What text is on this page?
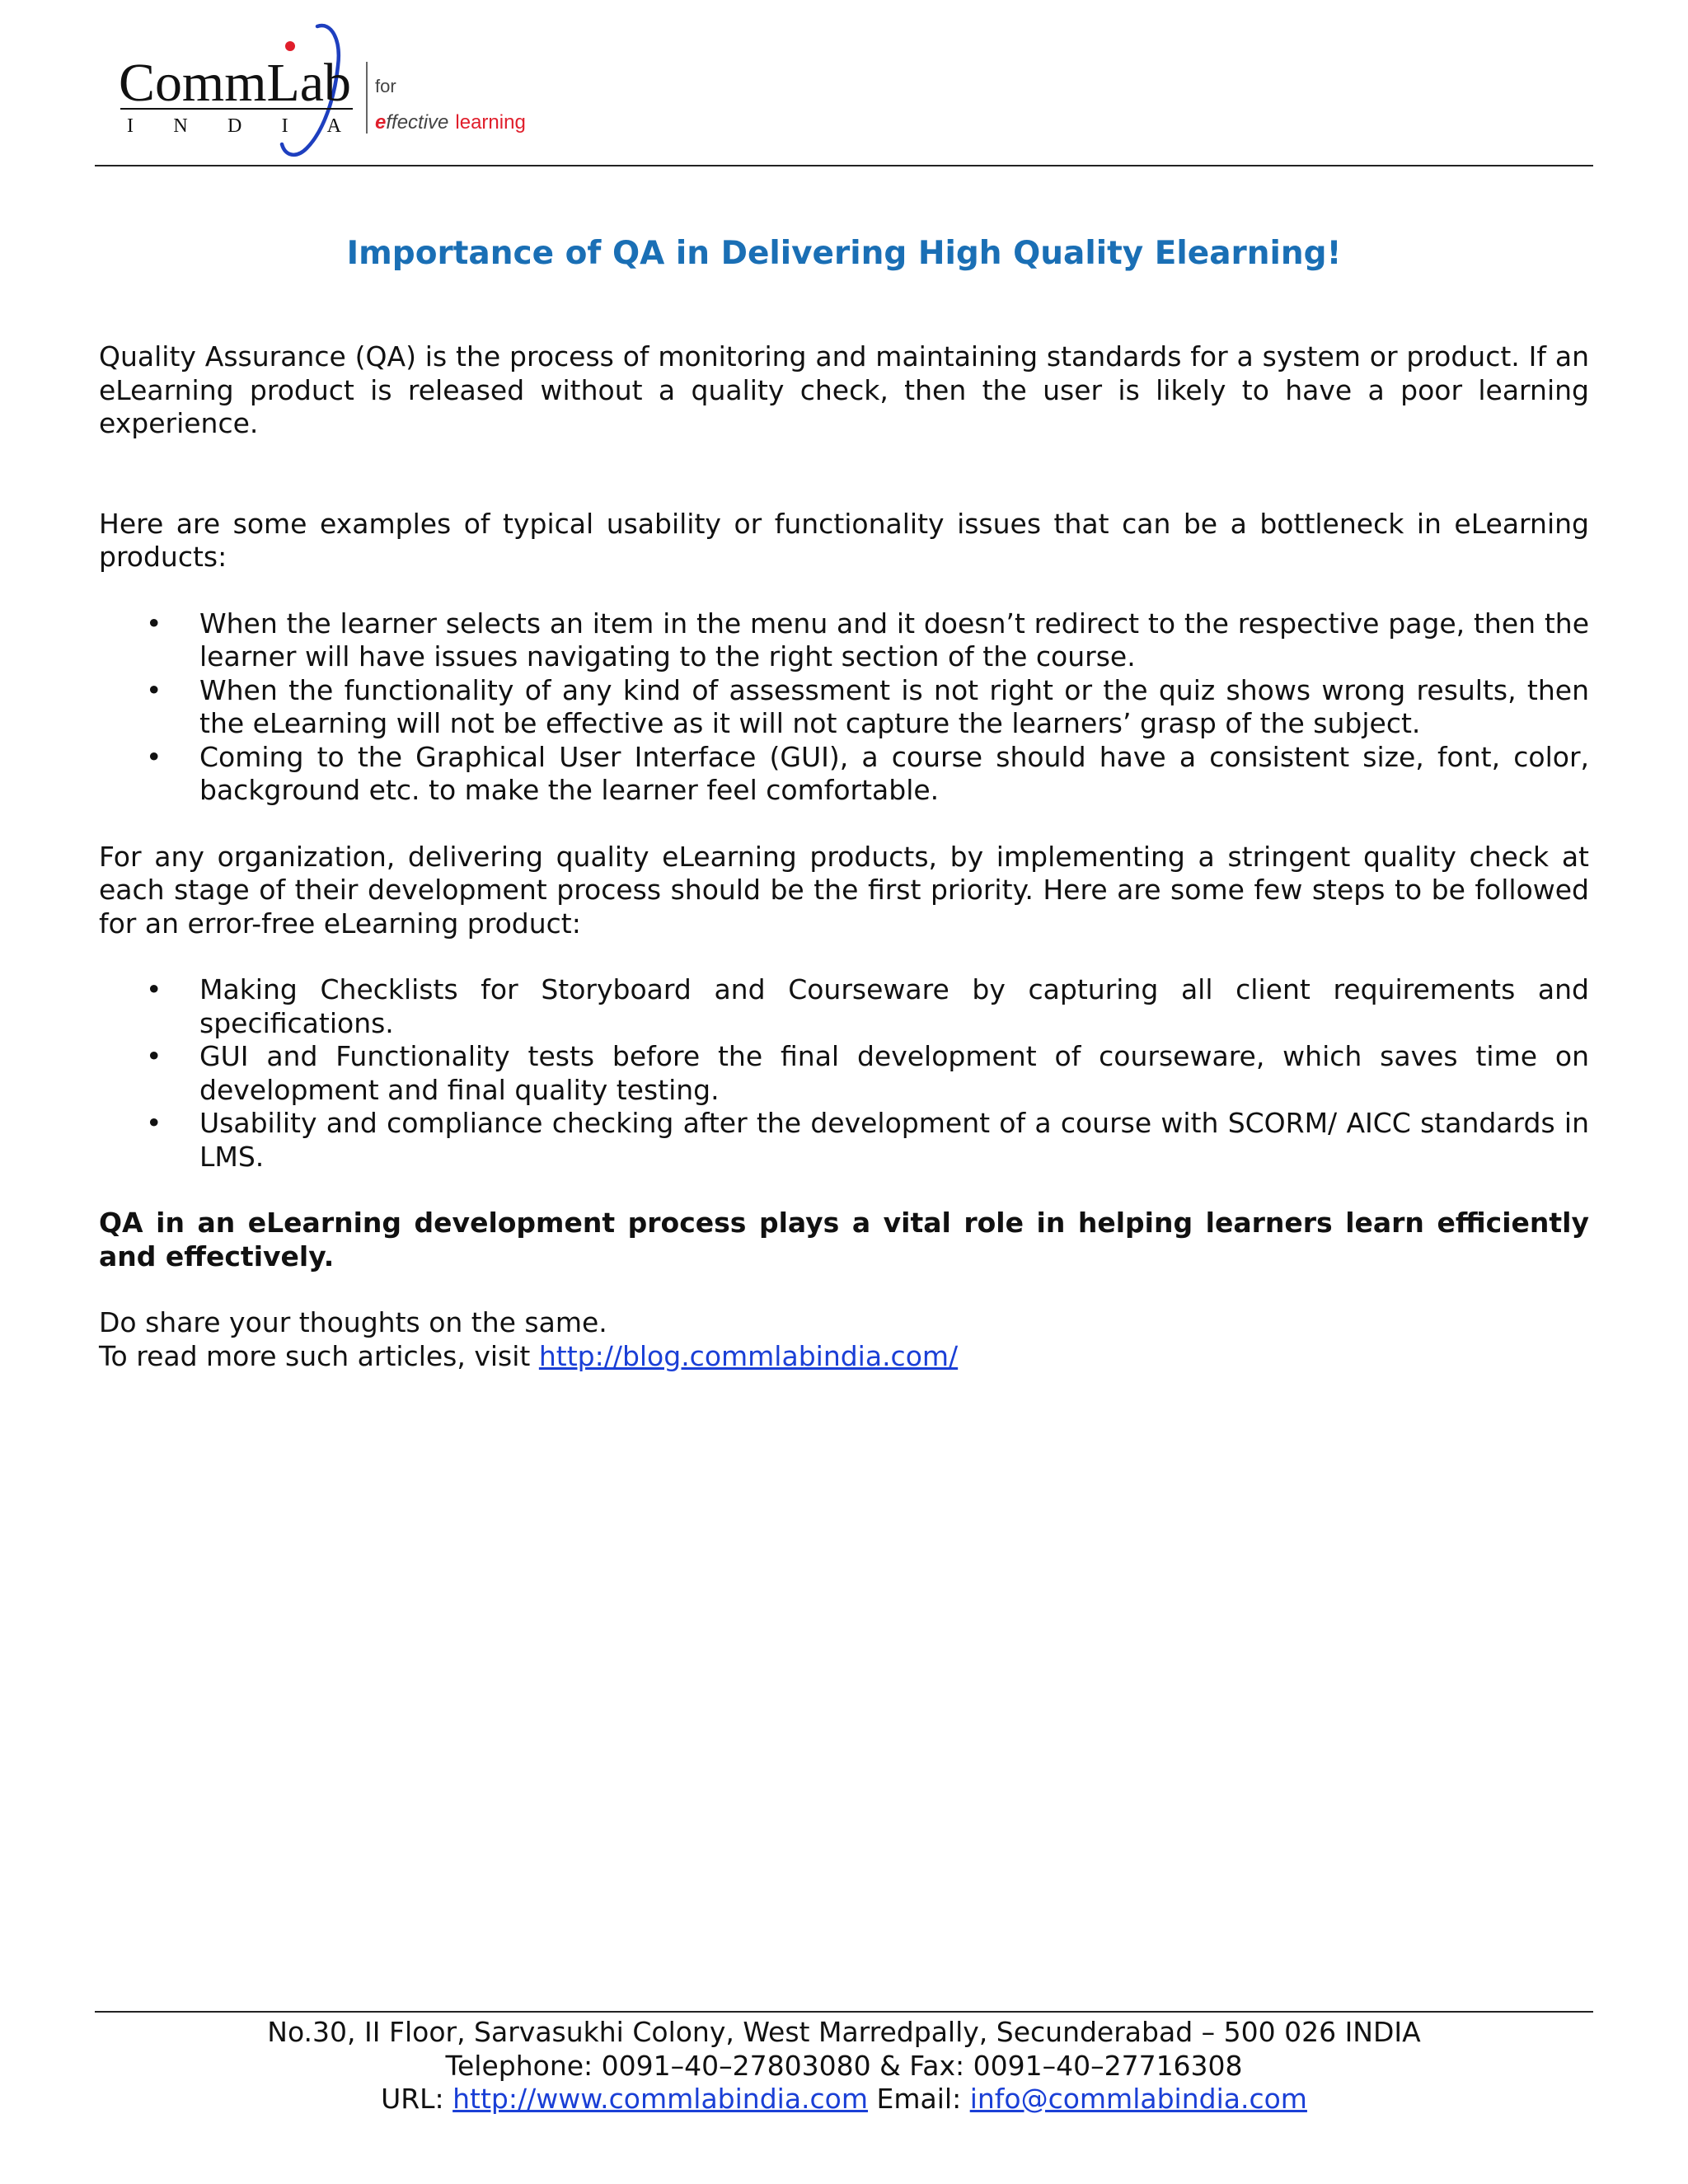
CommLab
I N D I A
for
effective learning
Importance of QA in Delivering High Quality Elearning!

Quality Assurance (QA) is the process of monitoring and maintaining standards for a system or product. If an eLearning product is released without a quality check, then the user is likely to have a poor learning experience.

Here are some examples of typical usability or functionality issues that can be a bottleneck in eLearning products:

• When the learner selects an item in the menu and it doesn’t redirect to the respective page, then the learner will have issues navigating to the right section of the course.
• When the functionality of any kind of assessment is not right or the quiz shows wrong results, then the eLearning will not be effective as it will not capture the learners’ grasp of the subject.
• Coming to the Graphical User Interface (GUI), a course should have a consistent size, font, color, background etc. to make the learner feel comfortable.

For any organization, delivering quality eLearning products, by implementing a stringent quality check at each stage of their development process should be the first priority. Here are some few steps to be followed for an error-free eLearning product:

• Making Checklists for Storyboard and Courseware by capturing all client requirements and specifications.
• GUI and Functionality tests before the final development of courseware, which saves time on development and final quality testing.
• Usability and compliance checking after the development of a course with SCORM/ AICC standards in LMS.

QA in an eLearning development process plays a vital role in helping learners learn efficiently and effectively.

Do share your thoughts on the same.

To read more such articles, visit http://blog.commlabindia.com/

No.30, II Floor, Sarvasukhi Colony, West Marredpally, Secunderabad – 500 026 INDIA
Telephone: 0091–40–27803080 & Fax: 0091–40–27716308
URL: http://www.commlabindia.com Email: info@commlabindia.com
